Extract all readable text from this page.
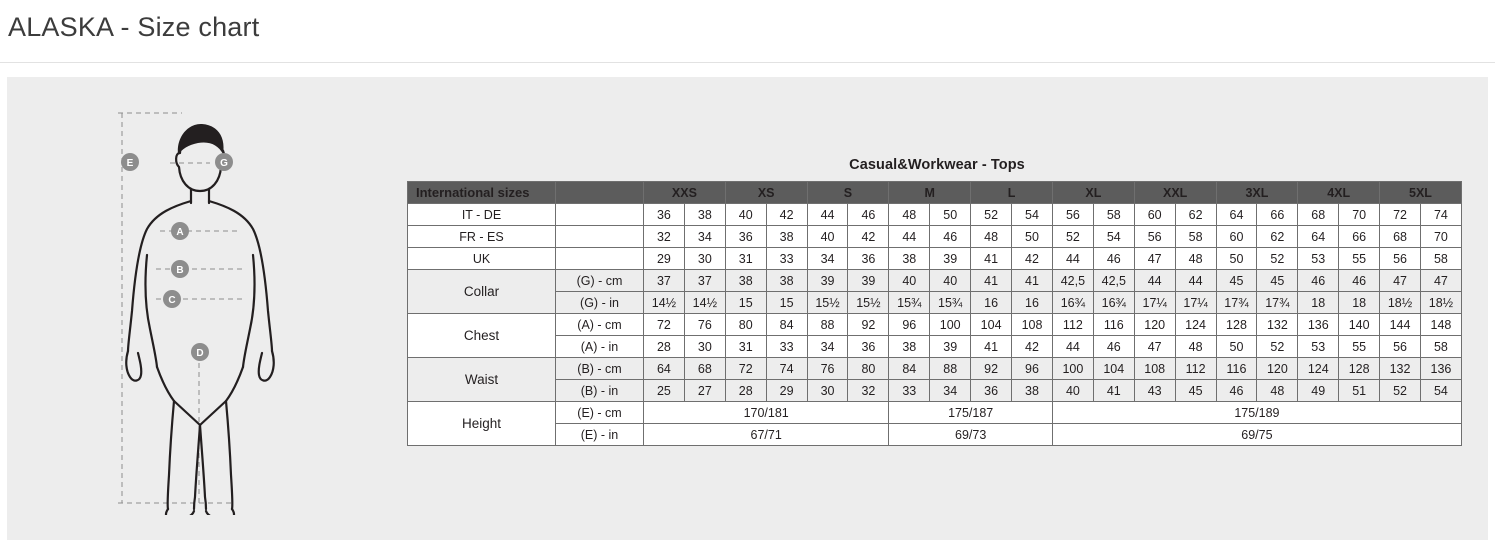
ALASKA - Size chart
E	G
A
B
C
D
Casual&Workwear - Tops
International sizes		XXS		XS		S		M		L		XL		XXL		3XL		4XL		5XL	
IT - DE		36	38	40	42	44	46	48	50	52	54	56	58	60	62	64	66	68	70	72	74
FR - ES		32	34	36	38	40	42	44	46	48	50	52	54	56	58	60	62	64	66	68	70
UK		29	30	31	33	34	36	38	39	41	42	44	46	47	48	50	52	53	55	56	58
Collar	(G) - cm	37	37	38	38	39	39	40	40	41	41	42,5	42,5	44	44	45	45	46	46	47	47
	(G) - in	14½	14½	15	15	15½	15½	15¾	15¾	16	16	16¾	16¾	17¼	17¼	17¾	17¾	18	18	18½	18½
Chest	(A) - cm	72	76	80	84	88	92	96	100	104	108	112	116	120	124	128	132	136	140	144	148
	(A) - in	28	30	31	33	34	36	38	39	41	42	44	46	47	48	50	52	53	55	56	58
Waist	(B) - cm	64	68	72	74	76	80	84	88	92	96	100	104	108	112	116	120	124	128	132	136
	(B) - in	25	27	28	29	30	32	33	34	36	38	40	41	43	45	46	48	49	51	52	54
Height	(E) - cm	170/181						175/187				175/189									
	(E) - in	67/71						69/73				69/75									
